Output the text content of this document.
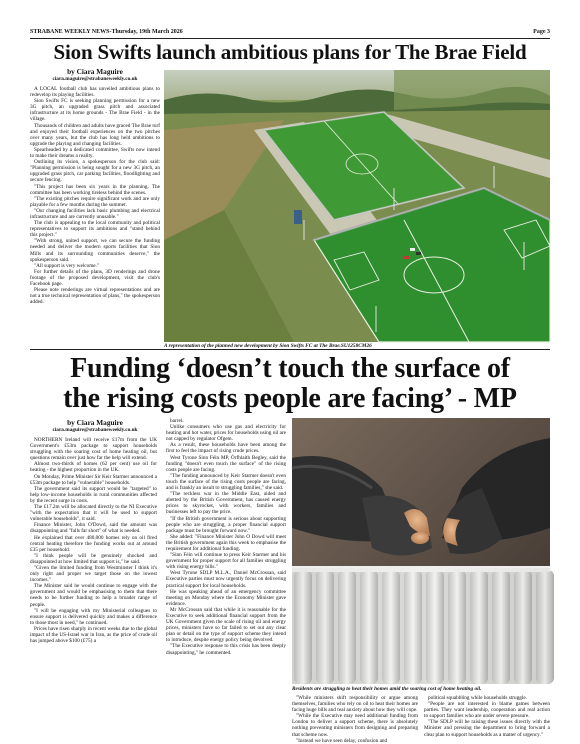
STRABANE WEEKLY NEWS-Thursday, 19th March 2026	Page 3
Sion Swifts launch ambitious plans for The Brae Field
by Ciara Maguire
ciara.maguire@strabaneweekly.co.uk

A LOCAL football club has unveiled ambitious plans to redevelop its playing facilities.

Sion Swifts FC is seeking planning permission for a new 3G pitch, an upgraded grass pitch and associated infrastructure at its home grounds - The Brae Field - in the village.

Thousands of children and adults have graced The Brae turf and enjoyed their football experiences on the two pitches over many years, but the club has long held ambitions to upgrade the playing and changing facilities.

Spearheaded by a dedicated committee, Swifts now intend to make their dreams a reality.

Outlining its vision, a spokesperson for the club said: "Planning permission is being sought for a new 3G pitch, an upgraded grass pitch, car parking facilities, floodlighting and secure fencing.

"This project has been six years in the planning. The committee has been working tireless behind the scenes.

"The existing pitches require significant work and are only playable for a few months during the summer.

"Our changing facilities lack basic plumbing and electrical infrastructure and are currently unusable."

The club is appealing to the local community and political representatives to support its ambitions and "stand behind this project."

"With strong, united support, we can secure the funding needed and deliver the modern sports facilities that Sion Mills and its surrounding communities deserve," the spokesperson said.

"All support is very welcome."

For further details of the plans, 3D renderings and drone footage of the proposed development, visit the club's Facebook page.

Please note renderings are virtual representations and are not a true technical representation of plans," the spokesperson added.

A representation of the planned new development by Sion Swifts FC at The Brae.SU1258CM26
Funding ‘doesn’t touch the surface of
the rising costs people are facing’ - MP
by Ciara Maguire
ciara.maguire@strabaneweekly.co.uk

NORTHERN Ireland will receive £17m from the UK Government's £53m package to support households struggling with the soaring cost of home heating oil, but questions remain over just how far the help will extend.

Almost two-thirds of homes (62 per cent) use oil for heating - the highest proportion in the UK.

On Monday, Prime Minister Sir Keir Starmer announced a £53m package to help "vulnerable" households.

The government said its support would be "targeted" to help low-income households in rural communities affected by the recent surge in costs.

The £17.2m will be allocated directly to the NI Executive "with the expectation that it will be used to support vulnerable households", it said.

Finance Minister, John O'Dowd, said the amount was disappointing and "falls far short" of what is needed.

He explained that over 480,000 homes rely on oil fired central heating therefore the funding works out at around £35 per household.

"I think people will be genuinely shocked and disappointed at how limited that support is," he said.

"Given the limited funding from Westminster I think it's only right and proper we target those on the lowest incomes."

The Minister said he would continue to engage with the government and would be emphasising to them that there needs to be further funding to help a broader range of people.

"I will be engaging with my Ministerial colleagues to ensure support is delivered quickly and makes a difference to those most in need," he continued.

Prices have risen sharply in recent weeks due to the global impact of the US-Israel war in Iran, as the price of crude oil has jumped above $100 (£75) a

barrel.

Unlike consumers who use gas and electricity for heating and hot water, prices for households using oil are not capped by regulator Ofgem.

As a result, these households have been among the first to feel the impact of rising crude prices.

West Tyrone Sinn Féin MP, Órfhlaith Begley, said the funding "doesn't even touch the surface" of the rising costs people are facing.

"The funding announced by Keir Starmer doesn't even touch the surface of the rising costs people are facing, and is frankly an insult to struggling families," she said.

"The reckless war in the Middle East, aided and abetted by the British Government, has caused energy prices to skyrocket, with workers, families and businesses left to pay the price.

"If the British government is serious about supporting people who are struggling, a proper financial support package must be brought forward now."

She added: "Finance Minister John O Dowd will meet the British government again this week to emphasise the requirement for additional funding.

"Sinn Féin will continue to press Keir Starmer and his government for proper support for all families struggling with rising energy bills."

West Tyrone SDLP M.L.A., Daniel McCrossan, said Executive parties must now urgently focus on delivering practical support for local households.

He was speaking ahead of an emergency committee meeting on Monday where the Economy Minister gave evidence.

Mr McCrossan said that while it is reasonable for the Executive to seek additional financial support from the UK Government given the scale of rising oil and energy prices, ministers have so far failed to set out any clear plan or detail on the type of support scheme they intend to introduce, despite energy policy being devolved.

"The Executive response to this crisis has been deeply disappointing," he commented.

Residents are struggling to heat their homes amid the soaring cost of home heating oil.

"While ministers shift responsibility or argue among themselves, families who rely on oil to heat their homes are facing huge bills and real anxiety about how they will cope.

"While the Executive may need additional funding from London to deliver a support scheme, there is absolutely nothing preventing ministers from designing and preparing that scheme now.

"Instead we have seen delay, confusion and

political squabbling while households struggle.

"People are not interested in blame games between parties. They want leadership, cooperation and real action to support families who are under severe pressure.

"The SDLP will be raising these issues directly with the Minister and pressing the department to bring forward a clear plan to support households as a matter of urgency."
